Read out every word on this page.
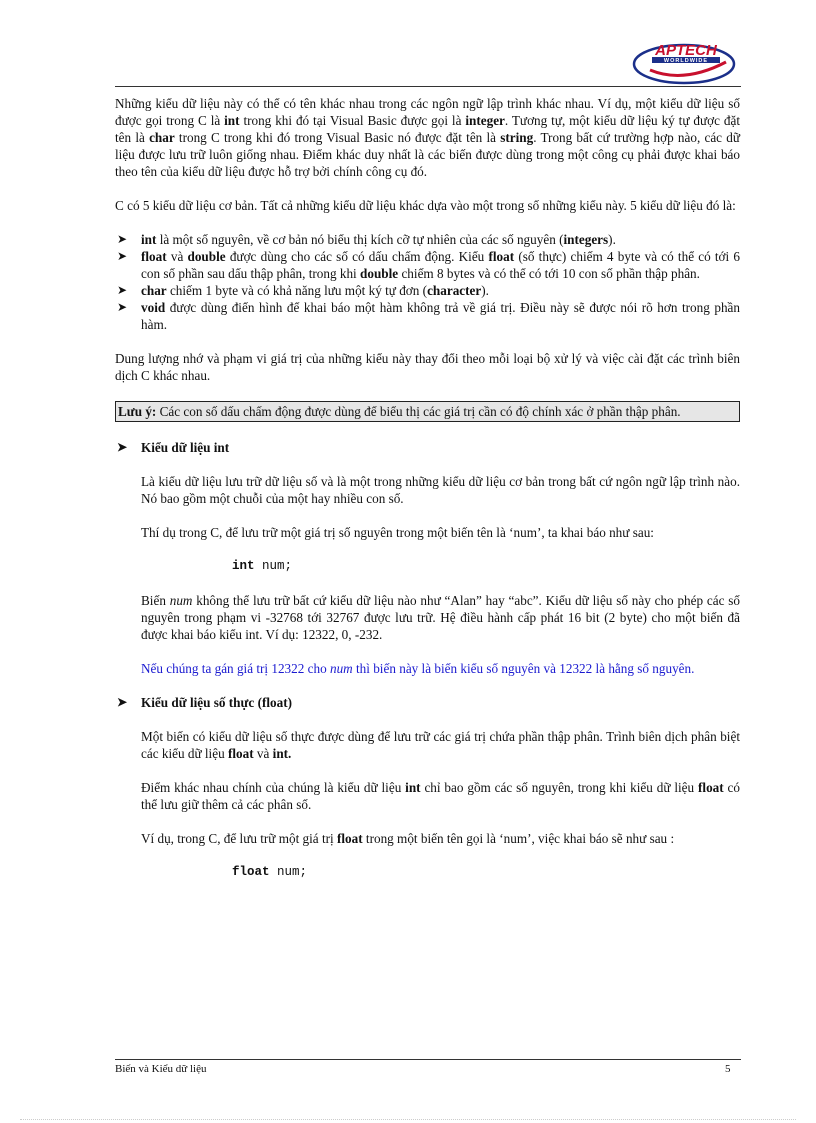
APTECH
WORLDWIDE

Những kiểu dữ liệu này có thể có tên khác nhau trong các ngôn ngữ lập trình khác nhau. Ví dụ, một kiểu dữ liệu số được gọi trong C là int trong khi đó tại Visual Basic được gọi là integer. Tương tự, một kiểu dữ liệu ký tự được đặt tên là char trong C trong khi đó trong Visual Basic nó được đặt tên là string. Trong bất cứ trường hợp nào, các dữ liệu được lưu trữ luôn giống nhau. Điểm khác duy nhất là các biến được dùng trong một công cụ phải được khai báo theo tên của kiểu dữ liệu được hỗ trợ bởi chính công cụ đó.

C có 5 kiểu dữ liệu cơ bản. Tất cả những kiểu dữ liệu khác dựa vào một trong số những kiểu này. 5 kiểu dữ liệu đó là:

➤ int là một số nguyên, về cơ bản nó biểu thị kích cỡ tự nhiên của các số nguyên (integers).
➤ float và double được dùng cho các số có dấu chấm động. Kiểu float (số thực) chiếm 4 byte và có thể có tới 6 con số phần sau dấu thập phân, trong khi double chiếm 8 bytes và có thể có tới 10 con số phần thập phân.
➤ char chiếm 1 byte và có khả năng lưu một ký tự đơn (character).
➤ void được dùng điển hình để khai báo một hàm không trả về giá trị. Điều này sẽ được nói rõ hơn trong phần hàm.

Dung lượng nhớ và phạm vi giá trị của những kiểu này thay đổi theo mỗi loại bộ xử lý và việc cài đặt các trình biên dịch C khác nhau.

Lưu ý: Các con số dấu chấm động được dùng để biểu thị các giá trị cần có độ chính xác ở phần thập phân.
➤ Kiểu dữ liệu int

Là kiểu dữ liệu lưu trữ dữ liệu số và là một trong những kiểu dữ liệu cơ bản trong bất cứ ngôn ngữ lập trình nào. Nó bao gồm một chuỗi của một hay nhiều con số.

Thí dụ trong C, để lưu trữ một giá trị số nguyên trong một biến tên là ‘num’, ta khai báo như sau:

int num;

Biến num không thể lưu trữ bất cứ kiểu dữ liệu nào như “Alan” hay “abc”. Kiểu dữ liệu số này cho phép các số nguyên trong phạm vi -32768 tới 32767 được lưu trữ. Hệ điều hành cấp phát 16 bit (2 byte) cho một biến đã được khai báo kiểu int. Ví dụ: 12322, 0, -232.

Nếu chúng ta gán giá trị 12322 cho num thì biến này là biến kiểu số nguyên và 12322 là hằng số nguyên.

➤ Kiểu dữ liệu số thực (float)

Một biến có kiểu dữ liệu số thực được dùng để lưu trữ các giá trị chứa phần thập phân. Trình biên dịch phân biệt các kiểu dữ liệu float và int.

Điểm khác nhau chính của chúng là kiểu dữ liệu int chỉ bao gồm các số nguyên, trong khi kiểu dữ liệu float có thể lưu giữ thêm cả các phân số.

Ví dụ, trong C, để lưu trữ một giá trị float trong một biến tên gọi là ‘num’, việc khai báo sẽ như sau :

float num;
Biến và Kiểu dữ liệu	5
